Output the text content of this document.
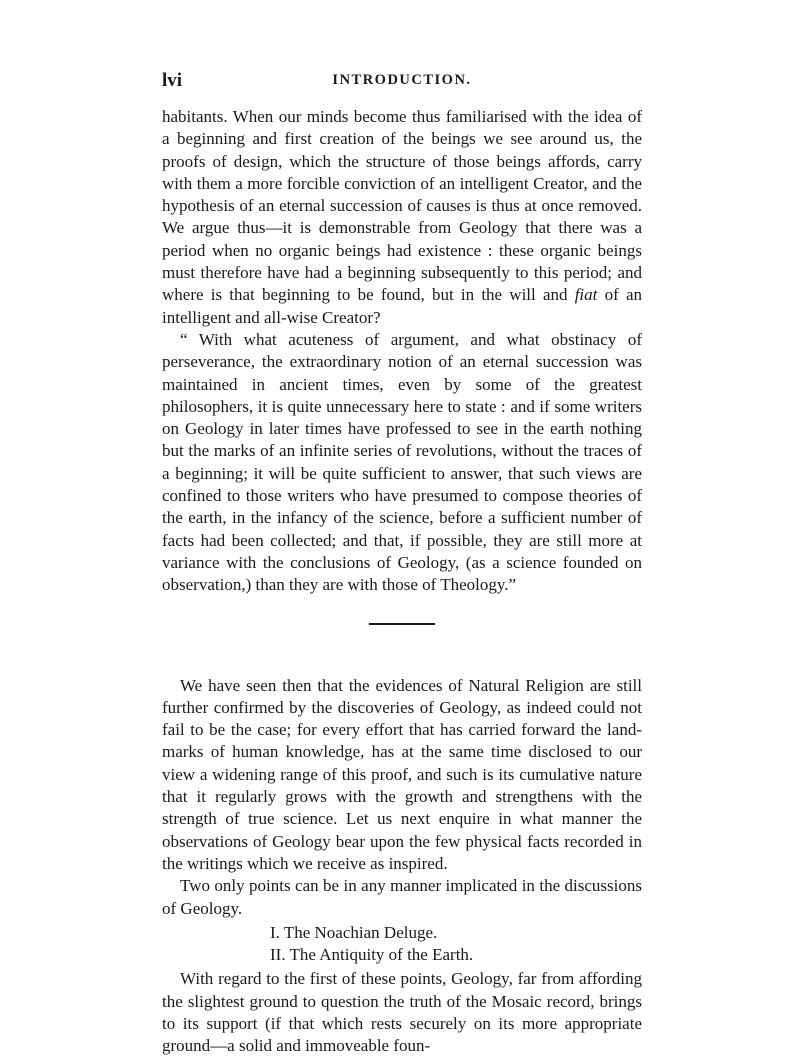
lvi	INTRODUCTION.

habitants. When our minds become thus familiarised with the idea of a beginning and first creation of the beings we see around us, the proofs of design, which the structure of those beings affords, carry with them a more forcible conviction of an intelligent Creator, and the hypothesis of an eternal succession of causes is thus at once removed. We argue thus—it is demonstrable from Geology that there was a period when no organic beings had existence : these organic beings must therefore have had a beginning subsequently to this period; and where is that beginning to be found, but in the will and fiat of an intelligent and all-wise Creator?

“ With what acuteness of argument, and what obstinacy of perseverance, the extraordinary notion of an eternal succession was maintained in ancient times, even by some of the greatest philosophers, it is quite unnecessary here to state : and if some writers on Geology in later times have professed to see in the earth nothing but the marks of an infinite series of revolutions, without the traces of a beginning; it will be quite sufficient to answer, that such views are confined to those writers who have presumed to compose theories of the earth, in the infancy of the science, before a sufficient number of facts had been collected; and that, if possible, they are still more at variance with the conclusions of Geology, (as a science founded on observation,) than they are with those of Theology.”

We have seen then that the evidences of Natural Religion are still further confirmed by the discoveries of Geology, as indeed could not fail to be the case; for every effort that has carried forward the land-marks of human knowledge, has at the same time disclosed to our view a widening range of this proof, and such is its cumulative nature that it regularly grows with the growth and strengthens with the strength of true science. Let us next enquire in what manner the observations of Geology bear upon the few physical facts recorded in the writings which we receive as inspired.

Two only points can be in any manner implicated in the discussions of Geology.

I. The Noachian Deluge.
II. The Antiquity of the Earth.

With regard to the first of these points, Geology, far from affording the slightest ground to question the truth of the Mosaic record, brings to its support (if that which rests securely on its more appropriate ground—a solid and immoveable foun-
